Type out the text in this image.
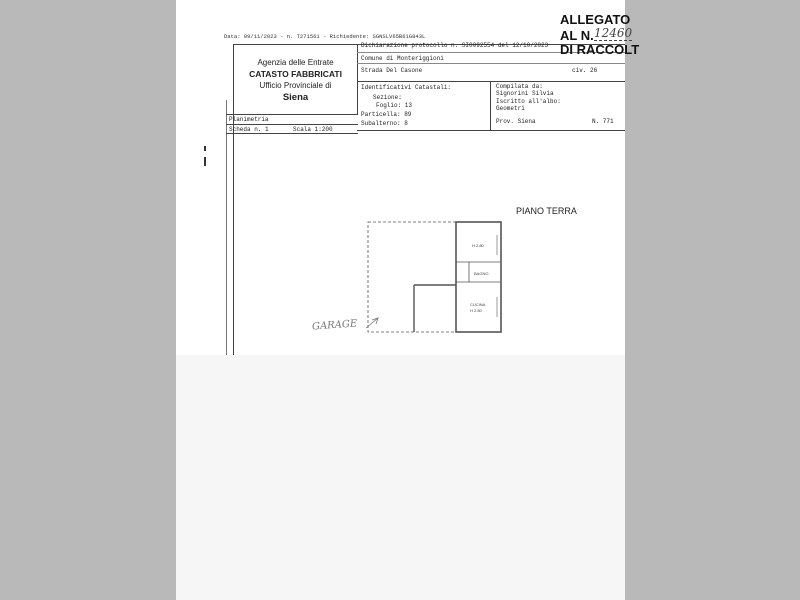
Data: 09/11/2023 - n. T271561 - Richiedente: SGNSLV65B61G843L
Agenzia delle Entrate
CATASTO FABBRICATI
Ufficio Provinciale di
Siena
Dichiarazione protocollo n. SI0092554 del 12/10/2023
Comune di Monteriggioni
Strada Del Casone	civ. 26
Identificativi Catastali:
Sezione:
Foglio: 13
Particella: 89
Subalterno: 8
Compilata da:
Signorini Silvia
Iscritto all'albo:
Geometri
Prov. Siena	N. 771
Planimetria
Scheda n. 1	Scala 1:200
PIANO TERRA
H 2.80
BAGNO
CUCINA
H 2.80
GARAGE
ALLEGATO
AL N. 12460
DI RACCOLT
